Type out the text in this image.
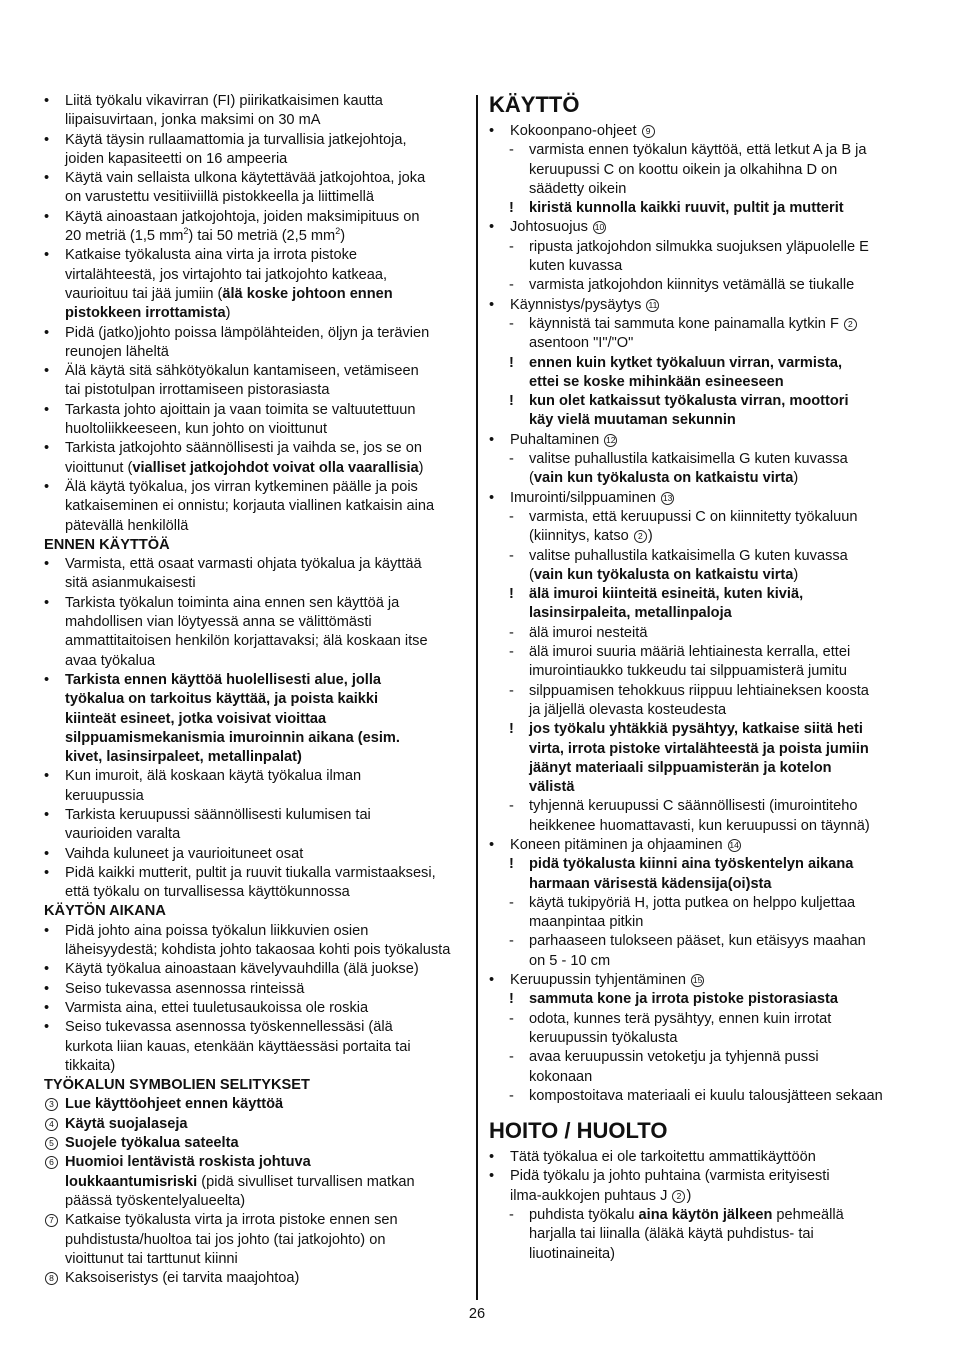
• Liitä työkalu vikavirran (FI) piirikatkaisimen kautta
liipaisuvirtaan, jonka maksimi on 30 mA
• Käytä täysin rullaamattomia ja turvallisia jatkejohtoja,
joiden kapasiteetti on 16 ampeeria
• Käytä vain sellaista ulkona käytettävää jatkojohtoa, joka
on varustettu vesitiiviillä pistokkeella ja liittimellä
• Käytä ainoastaan jatkojohtoja, joiden maksimipituus on
20 metriä (1,5 $mm^2$) tai 50 metriä (2,5 $mm^2$)
• Katkaise työkalusta aina virta ja irrota pistoke
virtalähteestä, jos virtajohto tai jatkojohto katkeaa,
vaurioituu tai jää jumiin (älä koske johtoon ennen
pistokkeen irrottamista)
• Pidä (jatko)johto poissa lämpölähteiden, öljyn ja terävien
reunojen läheltä
• Älä käytä sitä sähkötyökalun kantamiseen, vetämiseen
tai pistotulpan irrottamiseen pistorasiasta
• Tarkasta johto ajoittain ja vaan toimita se valtuutettuun
huoltoliikkeeseen, kun johto on vioittunut
• Tarkista jatkojohto säännöllisesti ja vaihda se, jos se on
vioittunut (vialliset jatkojohdot voivat olla vaarallisia)
• Älä käytä työkalua, jos virran kytkeminen päälle ja pois
katkaiseminen ei onnistu; korjauta viallinen katkaisin aina
pätevällä henkilöllä
ENNEN KÄYTTÖÄ
• Varmista, että osaat varmasti ohjata työkalua ja käyttää
sitä asianmukaisesti
• Tarkista työkalun toiminta aina ennen sen käyttöä ja
mahdollisen vian löytyessä anna se välittömästi
ammattitaitoisen henkilön korjattavaksi; älä koskaan itse
avaa työkalua
• Tarkista ennen käyttöä huolellisesti alue, jolla
työkalua on tarkoitus käyttää, ja poista kaikki
kiinteät esineet, jotka voisivat vioittaa
silppuamismekanismia imuroinnin aikana (esim.
kivet, lasinsirpaleet, metallinpalat)
• Kun imuroit, älä koskaan käytä työkalua ilman
keruupussia
• Tarkista keruupussi säännöllisesti kulumisen tai
vaurioiden varalta
• Vaihda kuluneet ja vaurioituneet osat
• Pidä kaikki mutterit, pultit ja ruuvit tiukalla varmistaaksesi,
että työkalu on turvallisessa käyttökunnossa
KÄYTÖN AIKANA
• Pidä johto aina poissa työkalun liikkuvien osien
läheisyydestä; kohdista johto takaosaa kohti pois työkalusta
• Käytä työkalua ainoastaan kävelyvauhdilla (älä juokse)
• Seiso tukevassa asennossa rinteissä
• Varmista aina, ettei tuuletusaukoissa ole roskia
• Seiso tukevassa asennossa työskennellessäsi (älä
kurkota liian kauas, etenkään käyttäessäsi portaita tai
tikkaita)
TYÖKALUN SYMBOLIEN SELITYKSET
3 Lue käyttöohjeet ennen käyttöä
4 Käytä suojalaseja
5 Suojele työkalua sateelta
6 Huomioi lentävistä roskista johtuva
loukkaantumisriski (pidä sivulliset turvallisen matkan
päässä työskentelyalueelta)
7 Katkaise työkalusta virta ja irrota pistoke ennen sen
puhdistusta/huoltoa tai jos johto (tai jatkojohto) on
vioittunut tai tarttunut kiinni
8 Kaksoiseristys (ei tarvita maajohtoa)
KÄYTTÖ
• Kokoonpano-ohjeet 9
- varmista ennen työkalun käyttöä, että letkut A ja B ja
keruupussi C on koottu oikein ja olkahihna D on
säädetty oikein
! kiristä kunnolla kaikki ruuvit, pultit ja mutterit
• Johtosuojus 10
- ripusta jatkojohdon silmukka suojuksen yläpuolelle E
kuten kuvassa
- varmista jatkojohdon kiinnitys vetämällä se tiukalle
• Käynnistys/pysäytys 11
- käynnistä tai sammuta kone painamalla kytkin F 2
asentoon "I"/"O"
! ennen kuin kytket työkaluun virran, varmista,
ettei se koske mihinkään esineeseen
! kun olet katkaissut työkalusta virran, moottori
käy vielä muutaman sekunnin
• Puhaltaminen 12
- valitse puhallustila katkaisimella G kuten kuvassa
(vain kun työkalusta on katkaistu virta)
• Imurointi/silppuaminen 13
- varmista, että keruupussi C on kiinnitetty työkaluun
(kiinnitys, katso 2 )
- valitse puhallustila katkaisimella G kuten kuvassa
(vain kun työkalusta on katkaistu virta)
! älä imuroi kiinteitä esineitä, kuten kiviä,
lasinsirpaleita, metallinpaloja
- älä imuroi nesteitä
- älä imuroi suuria määriä lehtiainesta kerralla, ettei
imurointiaukko tukkeudu tai silppuamisterä jumitu
- silppuamisen tehokkuus riippuu lehtiaineksen koosta
ja jäljellä olevasta kosteudesta
! jos työkalu yhtäkkiä pysähtyy, katkaise siitä heti
virta, irrota pistoke virtalähteestä ja poista jumiin
jäänyt materiaali silppuamisterän ja kotelon
välistä
- tyhjennä keruupussi C säännöllisesti (imurointiteho
heikkenee huomattavasti, kun keruupussi on täynnä)
• Koneen pitäminen ja ohjaaminen 14
! pidä työkalusta kiinni aina työskentelyn aikana
harmaan värisestä kädensija(oi)sta
- käytä tukipyöriä H, jotta putkea on helppo kuljettaa
maanpintaa pitkin
- parhaaseen tulokseen pääset, kun etäisyys maahan
on 5 - 10 cm
• Keruupussin tyhjentäminen 15
! sammuta kone ja irrota pistoke pistorasiasta
- odota, kunnes terä pysähtyy, ennen kuin irrotat
keruupussin työkalusta
- avaa keruupussin vetoketju ja tyhjennä pussi
kokonaan
- kompostoitava materiaali ei kuulu talousjätteen sekaan
HOITO / HUOLTO
• Tätä työkalua ei ole tarkoitettu ammattikäyttöön
• Pidä työkalu ja johto puhtaina (varmista erityisesti
ilma-aukkojen puhtaus J 2 )
- puhdista työkalu aina käytön jälkeen pehmeällä
harjalla tai liinalla (äläkä käytä puhdistus- tai
liuotinaineita)
26
